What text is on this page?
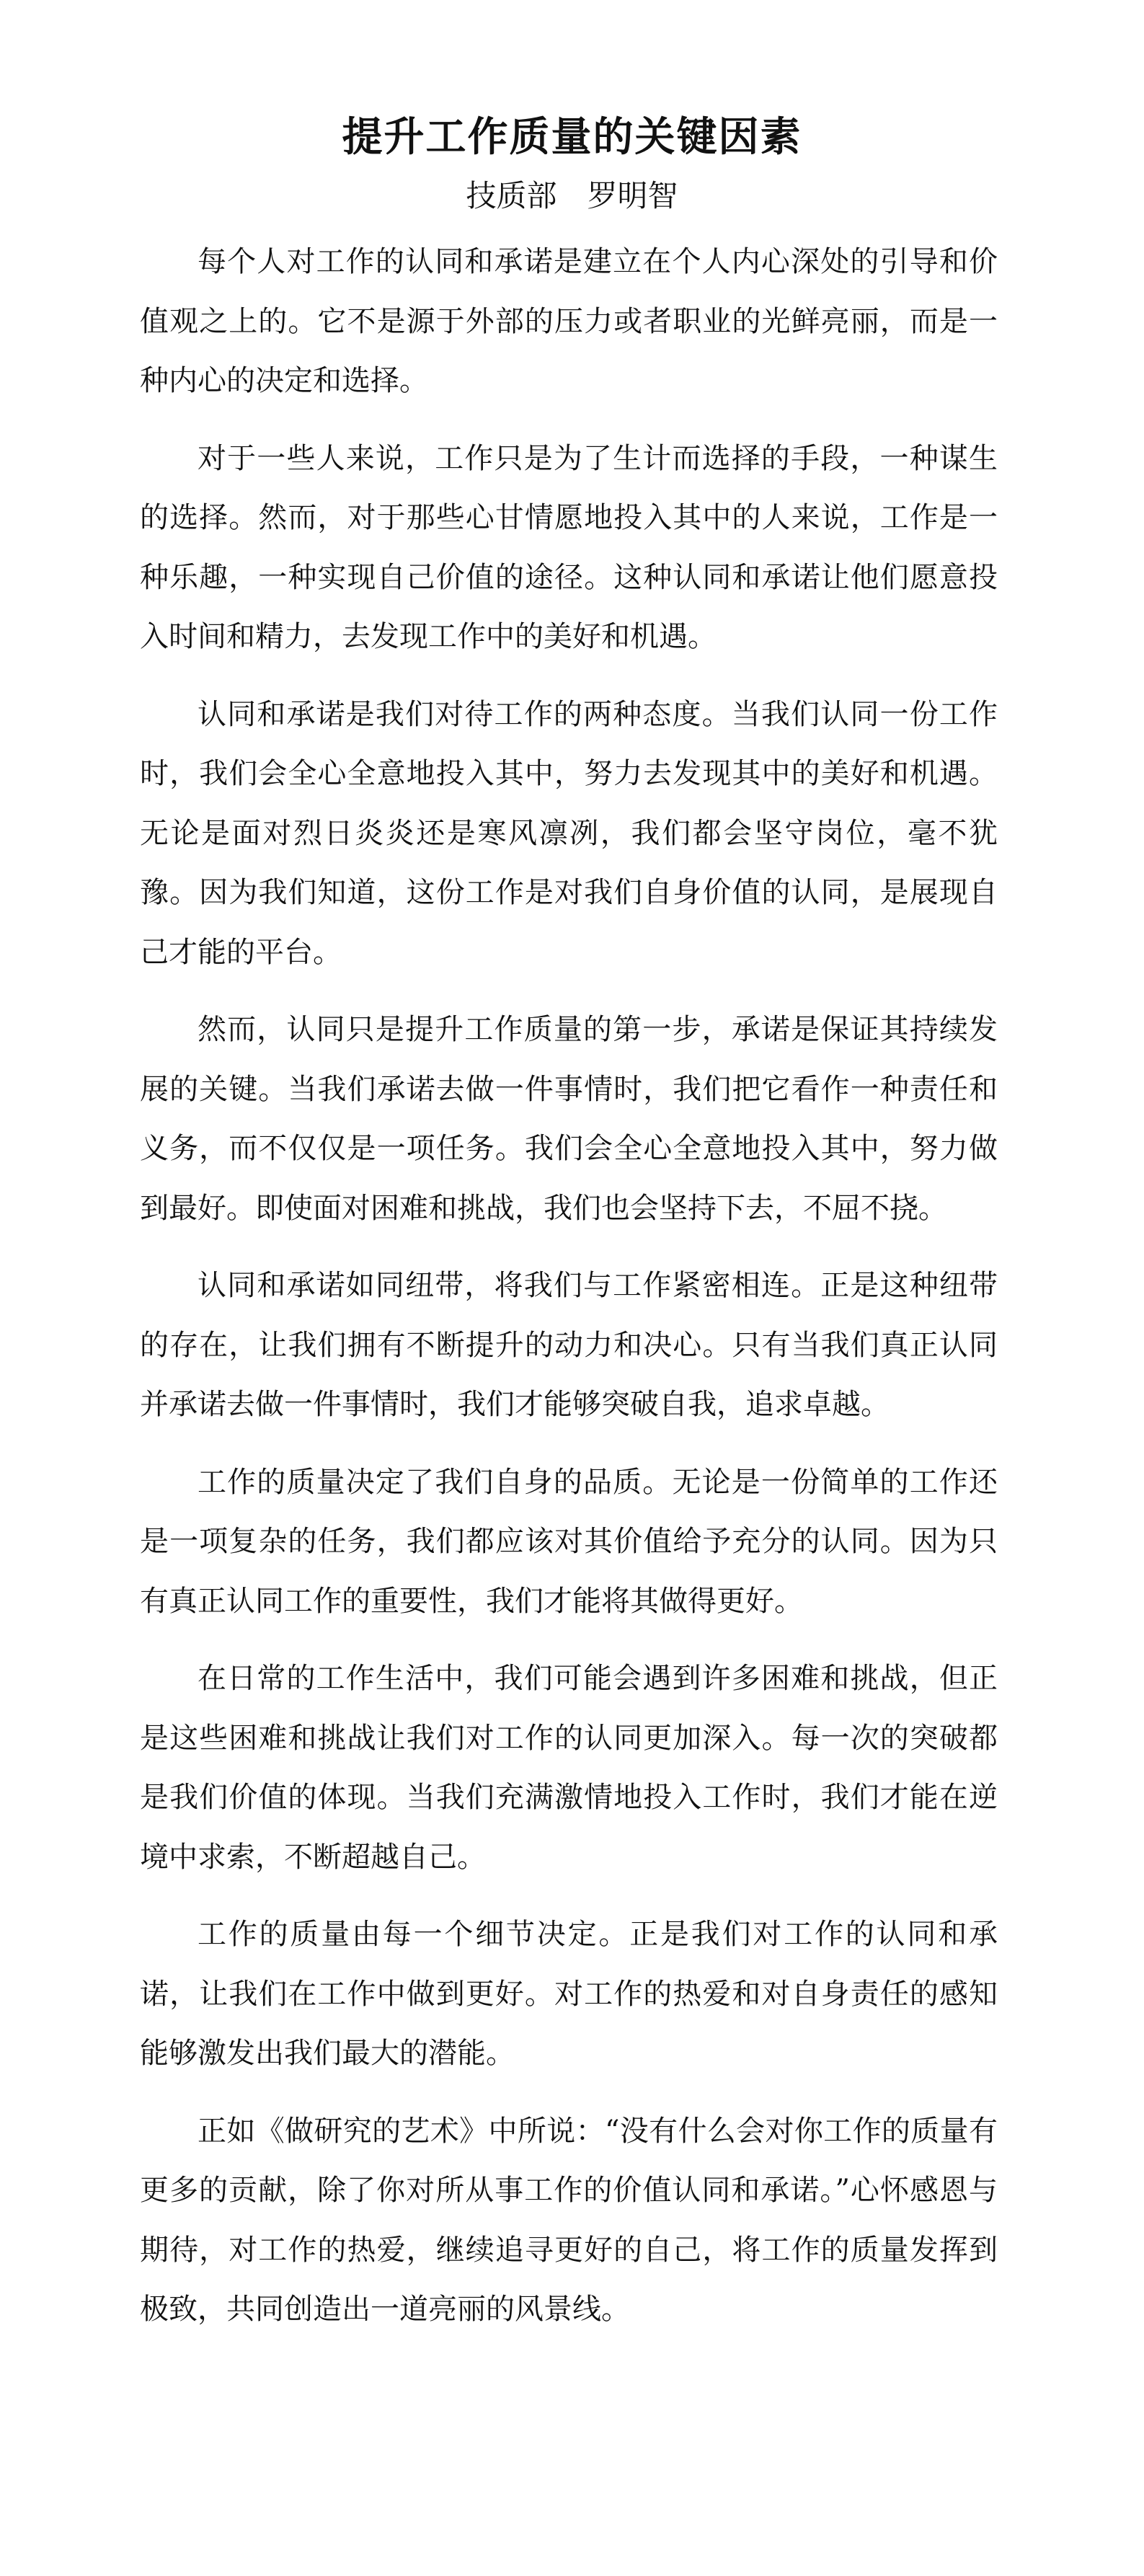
提升工作质量的关键因素
技质部 罗明智

每个人对工作的认同和承诺是建立在个人内心深处的引导和价值观之上的。它不是源于外部的压力或者职业的光鲜亮丽，而是一种内心的决定和选择。

对于一些人来说，工作只是为了生计而选择的手段，一种谋生的选择。然而，对于那些心甘情愿地投入其中的人来说，工作是一种乐趣，一种实现自己价值的途径。这种认同和承诺让他们愿意投入时间和精力，去发现工作中的美好和机遇。

认同和承诺是我们对待工作的两种态度。当我们认同一份工作时，我们会全心全意地投入其中，努力去发现其中的美好和机遇。无论是面对烈日炎炎还是寒风凛冽，我们都会坚守岗位，毫不犹豫。因为我们知道，这份工作是对我们自身价值的认同，是展现自己才能的平台。

然而，认同只是提升工作质量的第一步，承诺是保证其持续发展的关键。当我们承诺去做一件事情时，我们把它看作一种责任和义务，而不仅仅是一项任务。我们会全心全意地投入其中，努力做到最好。即使面对困难和挑战，我们也会坚持下去，不屈不挠。

认同和承诺如同纽带，将我们与工作紧密相连。正是这种纽带的存在，让我们拥有不断提升的动力和决心。只有当我们真正认同并承诺去做一件事情时，我们才能够突破自我，追求卓越。

工作的质量决定了我们自身的品质。无论是一份简单的工作还是一项复杂的任务，我们都应该对其价值给予充分的认同。因为只有真正认同工作的重要性，我们才能将其做得更好。

在日常的工作生活中，我们可能会遇到许多困难和挑战，但正是这些困难和挑战让我们对工作的认同更加深入。每一次的突破都是我们价值的体现。当我们充满激情地投入工作时，我们才能在逆境中求索，不断超越自己。

工作的质量由每一个细节决定。正是我们对工作的认同和承诺，让我们在工作中做到更好。对工作的热爱和对自身责任的感知能够激发出我们最大的潜能。

正如《做研究的艺术》中所说：“没有什么会对你工作的质量有更多的贡献，除了你对所从事工作的价值认同和承诺。”心怀感恩与期待，对工作的热爱，继续追寻更好的自己，将工作的质量发挥到极致，共同创造出一道亮丽的风景线。
